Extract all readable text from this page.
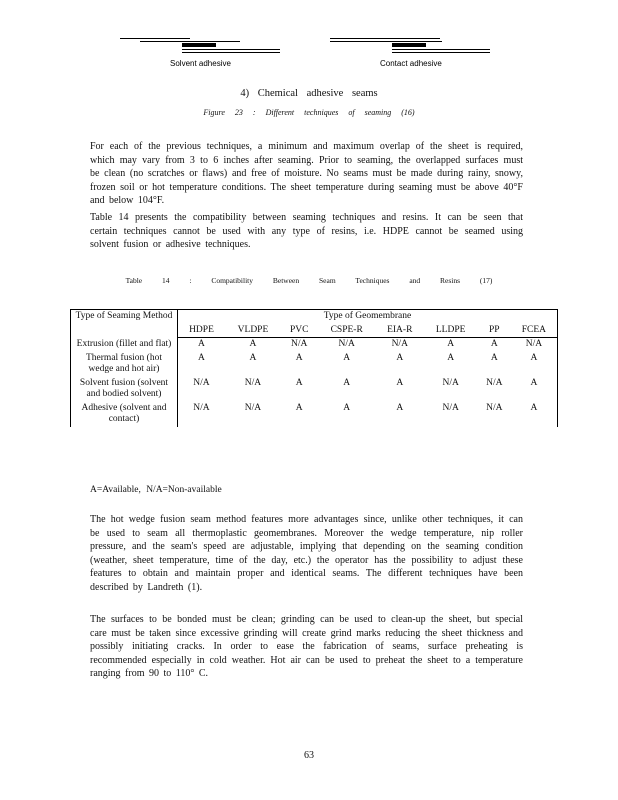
Solvent adhesive	Contact adhesive
4) Chemical adhesive seams
Figure 23 : Different techniques of seaming (16)
For each of the previous techniques, a minimum and maximum overlap of the sheet is required, which may vary from 3 to 6 inches after seaming. Prior to seaming, the overlapped surfaces must be clean (no scratches or flaws) and free of moisture. No seams must be made during rainy, snowy, frozen soil or hot temperature conditions. The sheet temperature during seaming must be above 40°F and below 104°F.
Table 14 presents the compatibility between seaming techniques and resins. It can be seen that certain techniques cannot be used with any type of resins, i.e. HDPE cannot be seamed using solvent fusion or adhesive techniques.
Table 14 : Compatibility Between Seam Techniques and Resins (17)
Type of Seaming Method	Type of Geomembrane							
	HDPE	VLDPE	PVC	CSPE-R	EIA-R	LLDPE	PP	FCEA
Extrusion (fillet and flat)	A	A	N/A	N/A	N/A	A	A	N/A
Thermal fusion (hot wedge and hot air)	A	A	A	A	A	A	A	A
Solvent fusion (solvent and bodied solvent)	N/A	N/A	A	A	A	N/A	N/A	A
Adhesive (solvent and contact)	N/A	N/A	A	A	A	N/A	N/A	A
A=Available, N/A=Non-available
The hot wedge fusion seam method features more advantages since, unlike other techniques, it can be used to seam all thermoplastic geomembranes. Moreover the wedge temperature, nip roller pressure, and the seam's speed are adjustable, implying that depending on the seaming condition (weather, sheet temperature, time of the day, etc.) the operator has the possibility to adjust these features to obtain and maintain proper and identical seams. The different techniques have been described by Landreth (1).
The surfaces to be bonded must be clean; grinding can be used to clean-up the sheet, but special care must be taken since excessive grinding will create grind marks reducing the sheet thickness and possibly initiating cracks. In order to ease the fabrication of seams, surface preheating is recommended especially in cold weather. Hot air can be used to preheat the sheet to a temperature ranging from 90 to 110° C.
63
